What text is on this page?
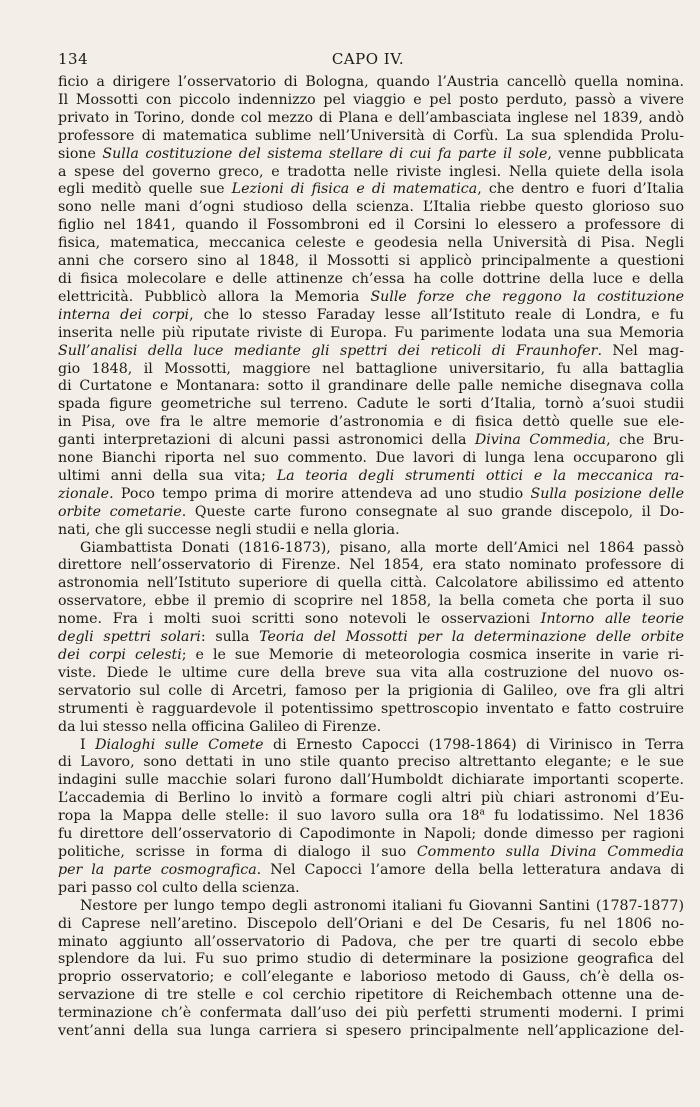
134	CAPO IV.
ficio a dirigere l’osservatorio di Bologna, quando l’Austria cancellò quella nomina.
Il Mossotti con piccolo indennizzo pel viaggio e pel posto perduto, passò a vivere
privato in Torino, donde col mezzo di Plana e dell’ambasciata inglese nel 1839, andò
professore di matematica sublime nell’Università di Corfù. La sua splendida Prolu-
sione Sulla costituzione del sistema stellare di cui fa parte il sole, venne pubblicata
a spese del governo greco, e tradotta nelle riviste inglesi. Nella quiete della isola
egli meditò quelle sue Lezioni di fisica e di matematica, che dentro e fuori d’Italia
sono nelle mani d’ogni studioso della scienza. L’Italia riebbe questo glorioso suo
figlio nel 1841, quando il Fossombroni ed il Corsini lo elessero a professore di
fisica, matematica, meccanica celeste e geodesia nella Università di Pisa. Negli
anni che corsero sino al 1848, il Mossotti si applicò principalmente a questioni
di fisica molecolare e delle attinenze ch’essa ha colle dottrine della luce e della
elettricità. Pubblicò allora la Memoria Sulle forze che reggono la costituzione
interna dei corpi, che lo stesso Faraday lesse all’Istituto reale di Londra, e fu
inserita nelle più riputate riviste di Europa. Fu parimente lodata una sua Memoria
Sull’analisi della luce mediante gli spettri dei reticoli di Fraunhofer. Nel mag-
gio 1848, il Mossotti, maggiore nel battaglione universitario, fu alla battaglia
di Curtatone e Montanara: sotto il grandinare delle palle nemiche disegnava colla
spada figure geometriche sul terreno. Cadute le sorti d’Italia, tornò a’suoi studii
in Pisa, ove fra le altre memorie d’astronomia e di fisica dettò quelle sue ele-
ganti interpretazioni di alcuni passi astronomici della Divina Commedia, che Bru-
none Bianchi riporta nel suo commento. Due lavori di lunga lena occuparono gli
ultimi anni della sua vita; La teoria degli strumenti ottici e la meccanica ra-
zionale. Poco tempo prima di morire attendeva ad uno studio Sulla posizione delle
orbite cometarie. Queste carte furono consegnate al suo grande discepolo, il Do-
nati, che gli successe negli studii e nella gloria.
Giambattista Donati (1816-1873), pisano, alla morte dell’Amici nel 1864 passò
direttore nell’osservatorio di Firenze. Nel 1854, era stato nominato professore di
astronomia nell’Istituto superiore di quella città. Calcolatore abilissimo ed attento
osservatore, ebbe il premio di scoprire nel 1858, la bella cometa che porta il suo
nome. Fra i molti suoi scritti sono notevoli le osservazioni Intorno alle teorie
degli spettri solari: sulla Teoria del Mossotti per la determinazione delle orbite
dei corpi celesti; e le sue Memorie di meteorologia cosmica inserite in varie ri-
viste. Diede le ultime cure della breve sua vita alla costruzione del nuovo os-
servatorio sul colle di Arcetri, famoso per la prigionia di Galileo, ove fra gli altri
strumenti è ragguardevole il potentissimo spettroscopio inventato e fatto costruire
da lui stesso nella officina Galileo di Firenze.
I Dialoghi sulle Comete di Ernesto Capocci (1798-1864) di Virinisco in Terra
di Lavoro, sono dettati in uno stile quanto preciso altrettanto elegante; e le sue
indagini sulle macchie solari furono dall’Humboldt dichiarate importanti scoperte.
L’accademia di Berlino lo invitò a formare cogli altri più chiari astronomi d’Eu-
ropa la Mappa delle stelle: il suo lavoro sulla ora 18$^a$ fu lodatissimo. Nel 1836
fu direttore dell’osservatorio di Capodimonte in Napoli; donde dimesso per ragioni
politiche, scrisse in forma di dialogo il suo Commento sulla Divina Commedia
per la parte cosmografica. Nel Capocci l’amore della bella letteratura andava di
pari passo col culto della scienza.
Nestore per lungo tempo degli astronomi italiani fu Giovanni Santini (1787-1877)
di Caprese nell’aretino. Discepolo dell’Oriani e del De Cesaris, fu nel 1806 no-
minato aggiunto all’osservatorio di Padova, che per tre quarti di secolo ebbe
splendore da lui. Fu suo primo studio di determinare la posizione geografica del
proprio osservatorio; e coll’elegante e laborioso metodo di Gauss, ch’è della os-
servazione di tre stelle e col cerchio ripetitore di Reichembach ottenne una de-
terminazione ch’è confermata dall’uso dei più perfetti strumenti moderni. I primi
vent’anni della sua lunga carriera si spesero principalmente nell’applicazione del-
